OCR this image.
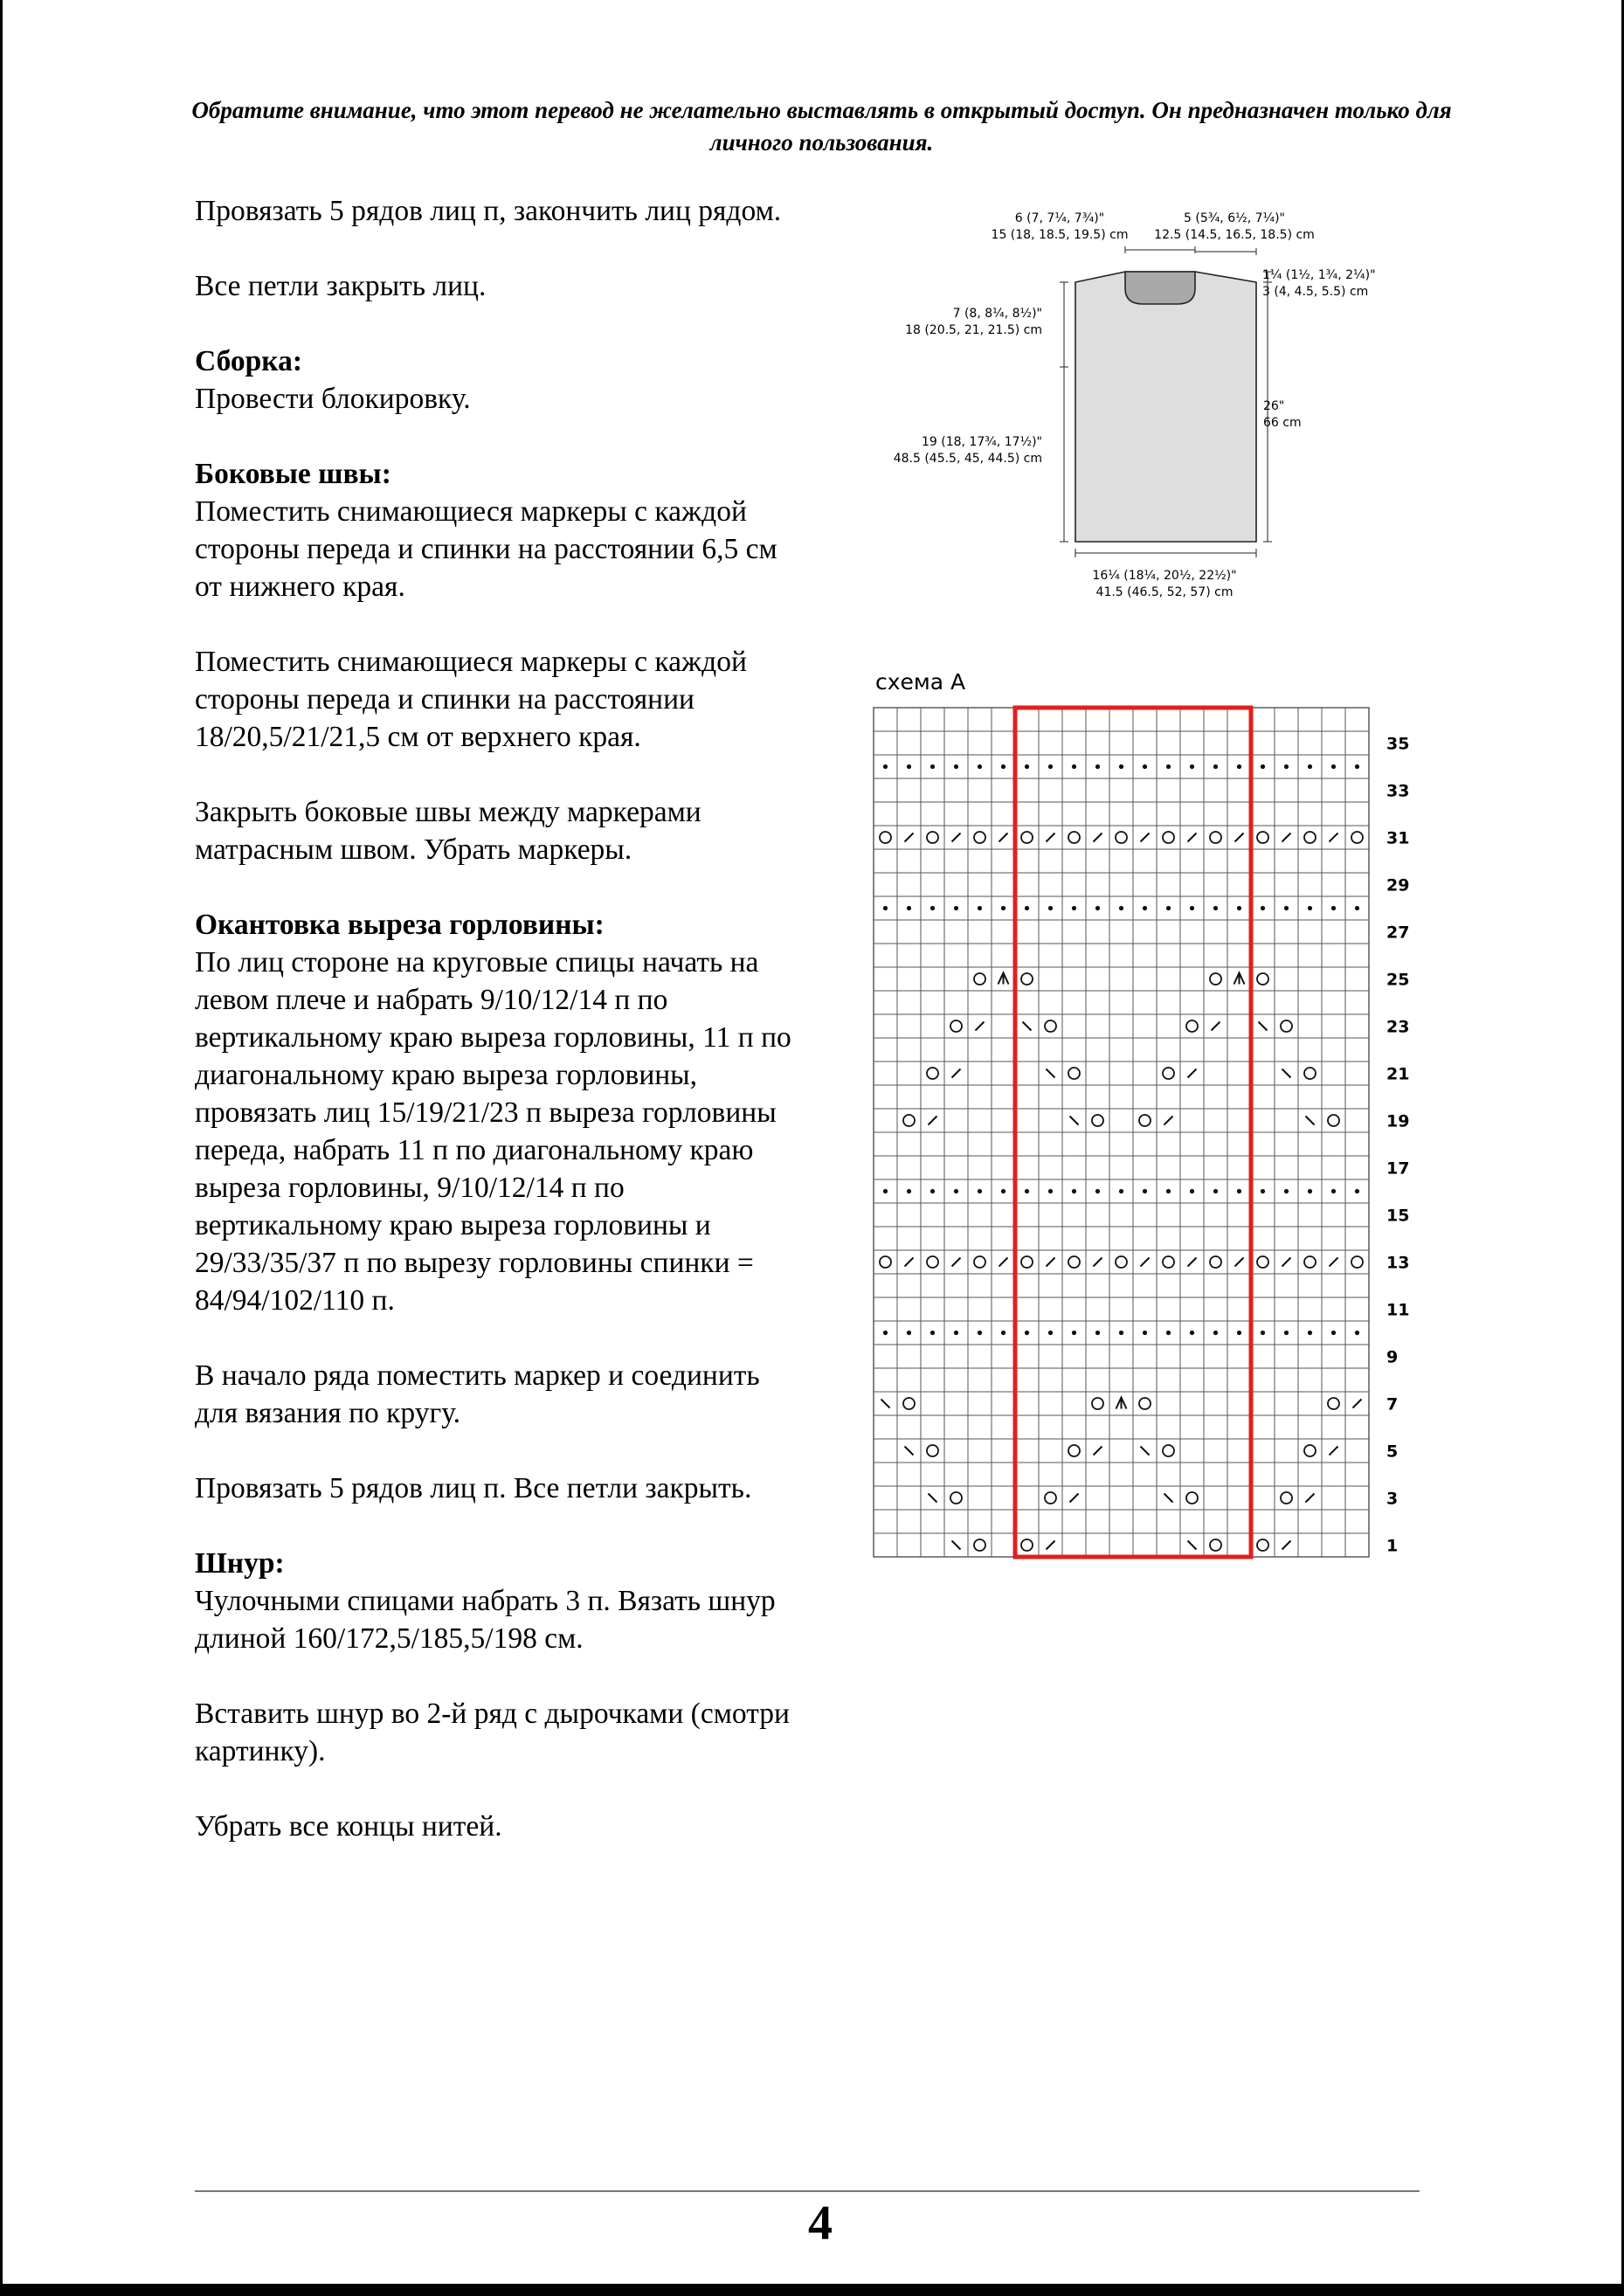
Обратите внимание, что этот перевод не желательно выставлять в открытый доступ. Он предназначен только для личного пользования.

Провязать 5 рядов лиц п, закончить лиц рядом.

Все петли закрыть лиц.

Сборка:
Провести блокировку.

Боковые швы:
Поместить снимающиеся маркеры с каждой стороны переда и спинки на расстоянии 6,5 см от нижнего края.

Поместить снимающиеся маркеры с каждой стороны переда и спинки на расстоянии 18/20,5/21/21,5 см от верхнего края.

Закрыть боковые швы между маркерами матрасным швом. Убрать маркеры.

Окантовка выреза горловины:
По лиц стороне на круговые спицы начать на левом плече и набрать 9/10/12/14 п по вертикальному краю выреза горловины, 11 п по диагональному краю выреза горловины, провязать лиц 15/19/21/23 п выреза горловины переда, набрать 11 п по диагональному краю выреза горловины, 9/10/12/14 п по вертикальному краю выреза горловины и 29/33/35/37 п по вырезу горловины спинки = 84/94/102/110 п.

В начало ряда поместить маркер и соединить для вязания по кругу.

Провязать 5 рядов лиц п. Все петли закрыть.

Шнур:
Чулочными спицами набрать 3 п. Вязать шнур длиной 160/172,5/185,5/198 см.

Вставить шнур во 2-й ряд с дырочками (смотри картинку).

Убрать все концы нитей.

6 (7, 7¼, 7¾)"
15 (18, 18.5, 19.5) cm
5 (5¾, 6½, 7¼)"
12.5 (14.5, 16.5, 18.5) cm
1¼ (1½, 1¾, 2¼)"
3 (4, 4.5, 5.5) cm
7 (8, 8¼, 8½)"
18 (20.5, 21, 21.5) cm
26"
66 cm
19 (18, 17¾, 17½)"
48.5 (45.5, 45, 44.5) cm
16¼ (18¼, 20½, 22½)"
41.5 (46.5, 52, 57) cm
схема А
35
33
31
29
27
25
23
21
19
17
15
13
11
9
7
5
3
1
4
